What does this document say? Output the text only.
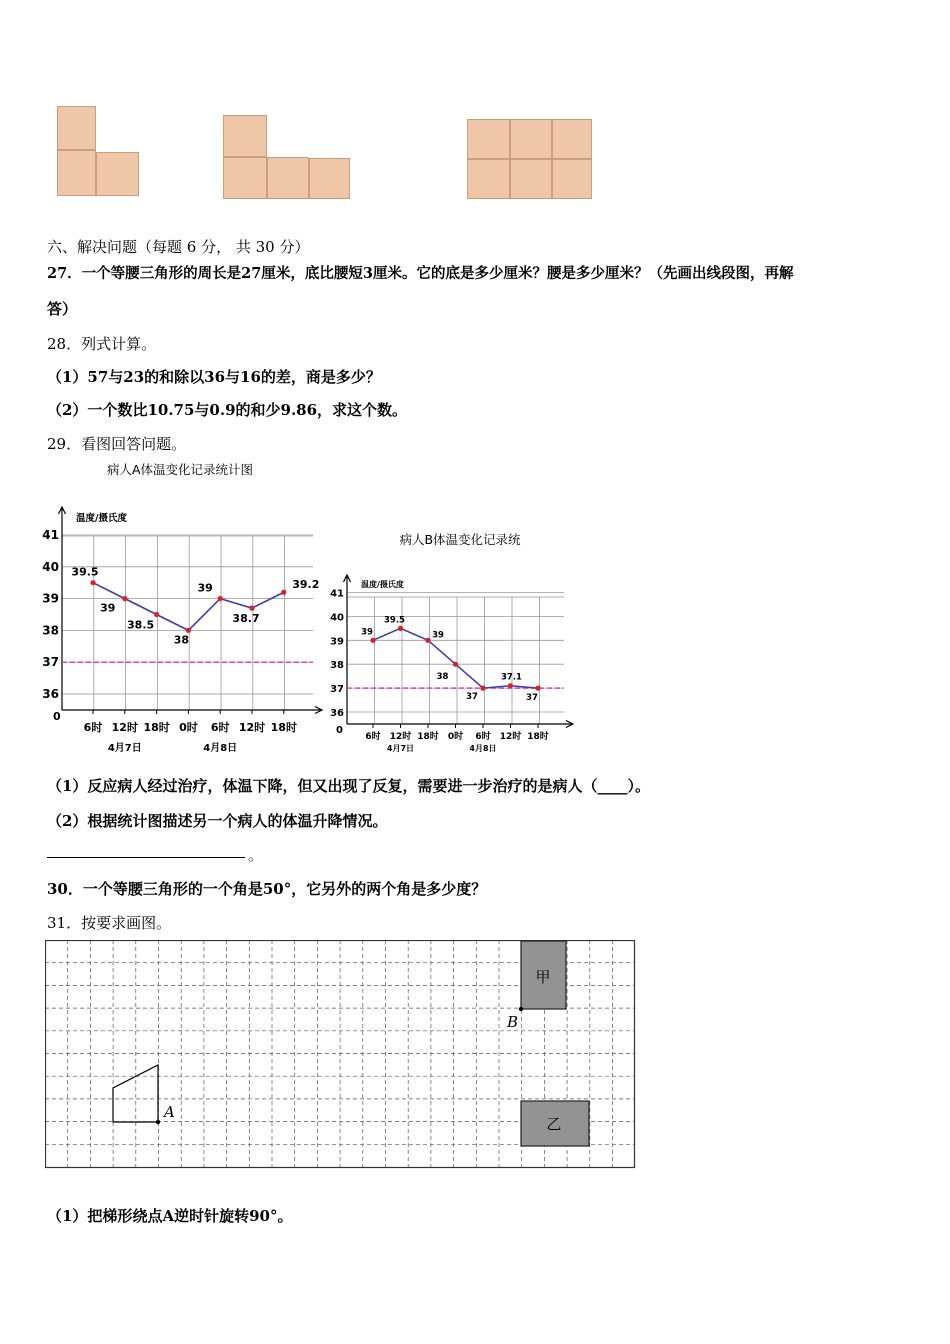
六、解决问题（每题 6 分， 共 30 分）
27．一个等腰三角形的周长是27厘米，底比腰短3厘米。它的底是多少厘米？腰是多少厘米？（先画出线段图，再解
答）
28．列式计算。
（1）57与23的和除以36与16的差，商是多少？
（2）一个数比10.75与0.9的和少9.86，求这个数。
29．看图回答问题。
病人A体温变化记录统计图
温度/摄氏度
0
41
40
39
38
37
36
6时 12时 18时 0时 6时 12时 18时
4月7日	4月8日
39.5
39
38.5
38
39
38.7
39.2
病人B体温变化记录统
温度/摄氏度
0
41
40
39
38
37
36
6时 12时 18时 0时 6时 12时 18时
4月7日	4月8日
39
39.5
39
38
37
37.1
37
（1）反应病人经过治疗，体温下降，但又出现了反复，需要进一步治疗的是病人（____）。
（2）根据统计图描述另一个病人的体温升降情况。
。
30．一个等腰三角形的一个角是50°，它另外的两个角是多少度？
31．按要求画图。
A
甲
B
乙
（1）把梯形绕点A逆时针旋转90°。
